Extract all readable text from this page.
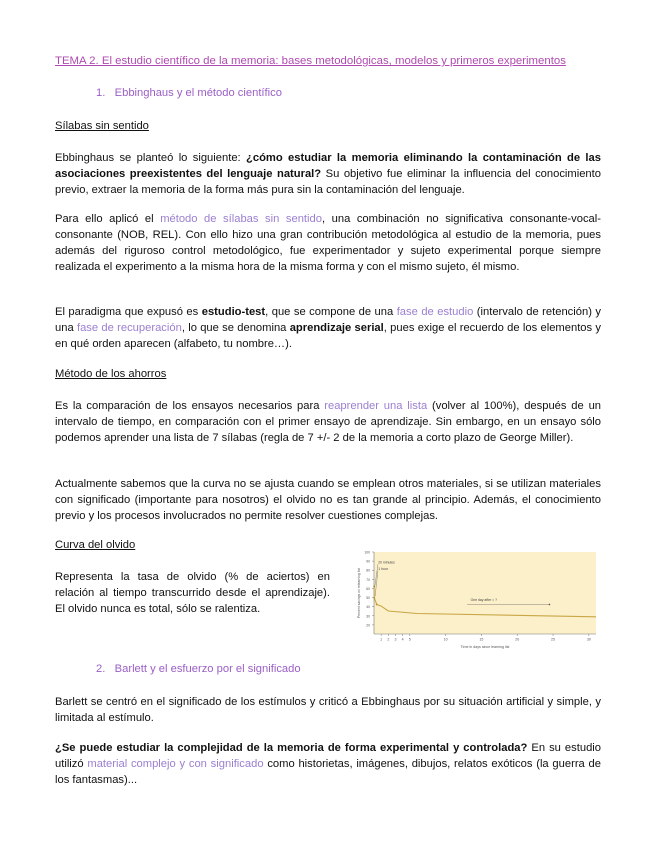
TEMA 2. El estudio científico de la memoria: bases metodológicas, modelos y primeros experimentos
1.   Ebbinghaus y el método científico
Sílabas sin sentido
Ebbinghaus se planteó lo siguiente: ¿cómo estudiar la memoria eliminando la contaminación de las asociaciones preexistentes del lenguaje natural? Su objetivo fue eliminar la influencia del conocimiento previo, extraer la memoria de la forma más pura sin la contaminación del lenguaje.
Para ello aplicó el método de sílabas sin sentido, una combinación no significativa consonante-vocal-consonante (NOB, REL). Con ello hizo una gran contribución metodológica al estudio de la memoria, pues además del riguroso control metodológico, fue experimentador y sujeto experimental porque siempre realizada el experimento a la misma hora de la misma forma y con el mismo sujeto, él mismo.
El paradigma que expusó es estudio-test, que se compone de una fase de estudio (intervalo de retención) y una fase de recuperación, lo que se denomina aprendizaje serial, pues exige el recuerdo de los elementos y en qué orden aparecen (alfabeto, tu nombre…).
Método de los ahorros
Es la comparación de los ensayos necesarios para reaprender una lista (volver al 100%), después de un intervalo de tiempo, en comparación con el primer ensayo de aprendizaje. Sin embargo, en un ensayo sólo podemos aprender una lista de 7 sílabas (regla de 7 +/- 2 de la memoria a corto plazo de George Miller).
Actualmente sabemos que la curva no se ajusta cuando se emplean otros materiales, si se utilizan materiales con significado (importante para nosotros) el olvido no es tan grande al principio. Además, el conocimiento previo y los procesos involucrados no permite resolver cuestiones complejas.
Curva del olvido
Representa la tasa de olvido (% de aciertos) en relación al tiempo transcurrido desde el aprendizaje). El olvido nunca es total, sólo se ralentiza.
100
90
80
70
60
50
40
30
20
1 2 3 4 5	10	15	20	25	30
Percent savings on relearning list
Time in days since learning list
20 minutes
1 hour
One day after = ?
2.   Barlett y el esfuerzo por el significado
Barlett se centró en el significado de los estímulos y criticó a Ebbinghaus por su situación artificial y simple, y limitada al estímulo.
¿Se puede estudiar la complejidad de la memoria de forma experimental y controlada? En su estudio utilizó material complejo y con significado como historietas, imágenes, dibujos, relatos exóticos (la guerra de los fantasmas)...
